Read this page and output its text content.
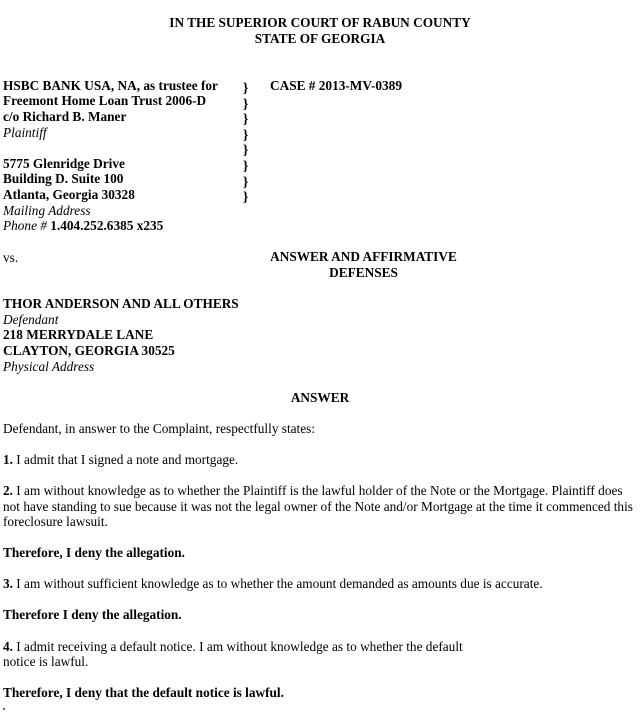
IN THE SUPERIOR COURT OF RABUN COUNTY
STATE OF GEORGIA
HSBC BANK USA, NA, as trustee for
Freemont Home Loan Trust 2006-D
c/o Richard B. Maner
Plaintiff
5775 Glenridge Drive
Building D. Suite 100
Atlanta, Georgia 30328
Mailing Address
Phone # 1.404.252.6385 x235
}
}
}
}
}
}
}
}
CASE # 2013-MV-0389
vs.	ANSWER AND AFFIRMATIVE
DEFENSES
THOR ANDERSON AND ALL OTHERS
Defendant
218 MERRYDALE LANE
CLAYTON, GEORGIA 30525
Physical Address
ANSWER
Defendant, in answer to the Complaint, respectfully states:
1. I admit that I signed a note and mortgage.
2. I am without knowledge as to whether the Plaintiff is the lawful holder of the Note or the Mortgage. Plaintiff does not have standing to sue because it was not the legal owner of the Note and/or Mortgage at the time it commenced this foreclosure lawsuit.
Therefore, I deny the allegation.
3. I am without sufficient knowledge as to whether the amount demanded as amounts due is accurate.
Therefore I deny the allegation.
4. I admit receiving a default notice. I am without knowledge as to whether the default
notice is lawful.
Therefore, I deny that the default notice is lawful.
